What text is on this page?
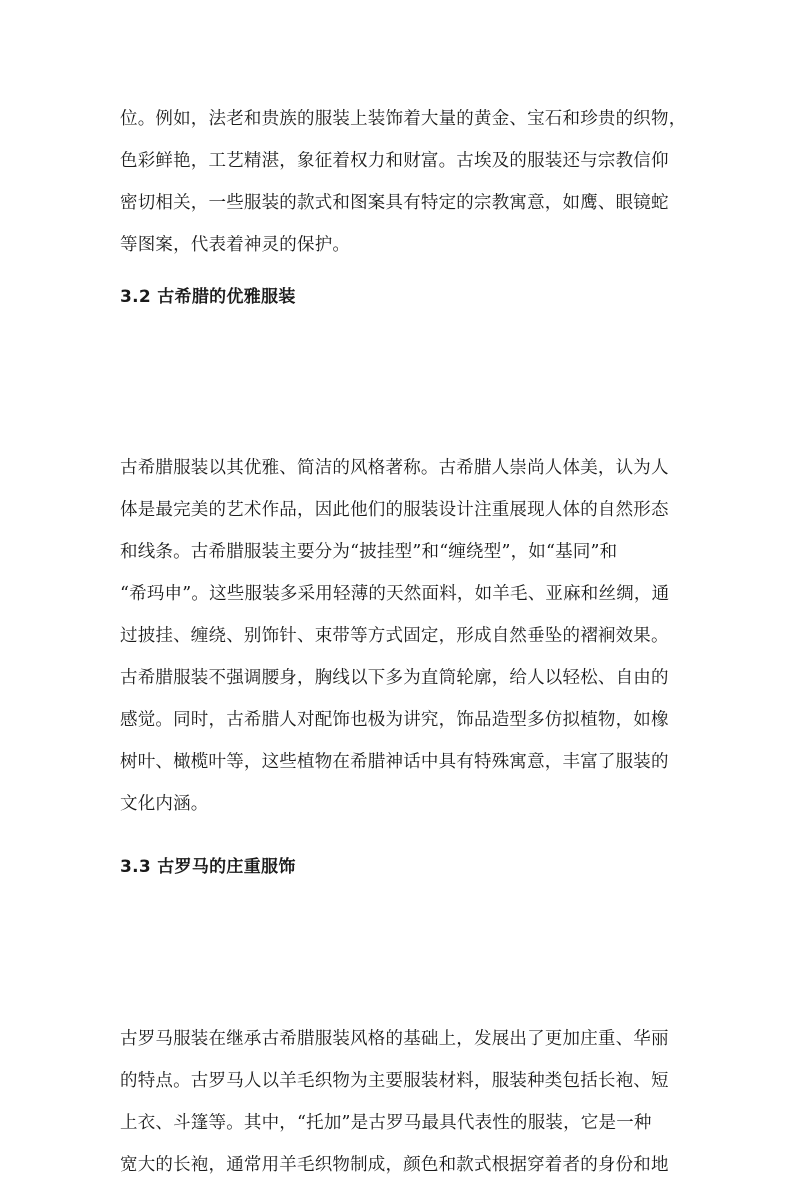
位。例如，法老和贵族的服装上装饰着大量的黄金、宝石和珍贵的织物，
色彩鲜艳，工艺精湛，象征着权力和财富。古埃及的服装还与宗教信仰
密切相关，一些服装的款式和图案具有特定的宗教寓意，如鹰、眼镜蛇
等图案，代表着神灵的保护。

3.2 古希腊的优雅服装

古希腊服装以其优雅、简洁的风格著称。古希腊人崇尚人体美，认为人
体是最完美的艺术作品，因此他们的服装设计注重展现人体的自然形态
和线条。古希腊服装主要分为“披挂型”和“缠绕型”，如“基同”和
“希玛申”。这些服装多采用轻薄的天然面料，如羊毛、亚麻和丝绸，通
过披挂、缠绕、别饰针、束带等方式固定，形成自然垂坠的褶裥效果。
古希腊服装不强调腰身，胸线以下多为直筒轮廓，给人以轻松、自由的
感觉。同时，古希腊人对配饰也极为讲究，饰品造型多仿拟植物，如橡
树叶、橄榄叶等，这些植物在希腊神话中具有特殊寓意，丰富了服装的
文化内涵。

3.3 古罗马的庄重服饰

古罗马服装在继承古希腊服装风格的基础上，发展出了更加庄重、华丽
的特点。古罗马人以羊毛织物为主要服装材料，服装种类包括长袍、短
上衣、斗篷等。其中，“托加”是古罗马最具代表性的服装，它是一种
宽大的长袍，通常用羊毛织物制成，颜色和款式根据穿着者的身份和地
